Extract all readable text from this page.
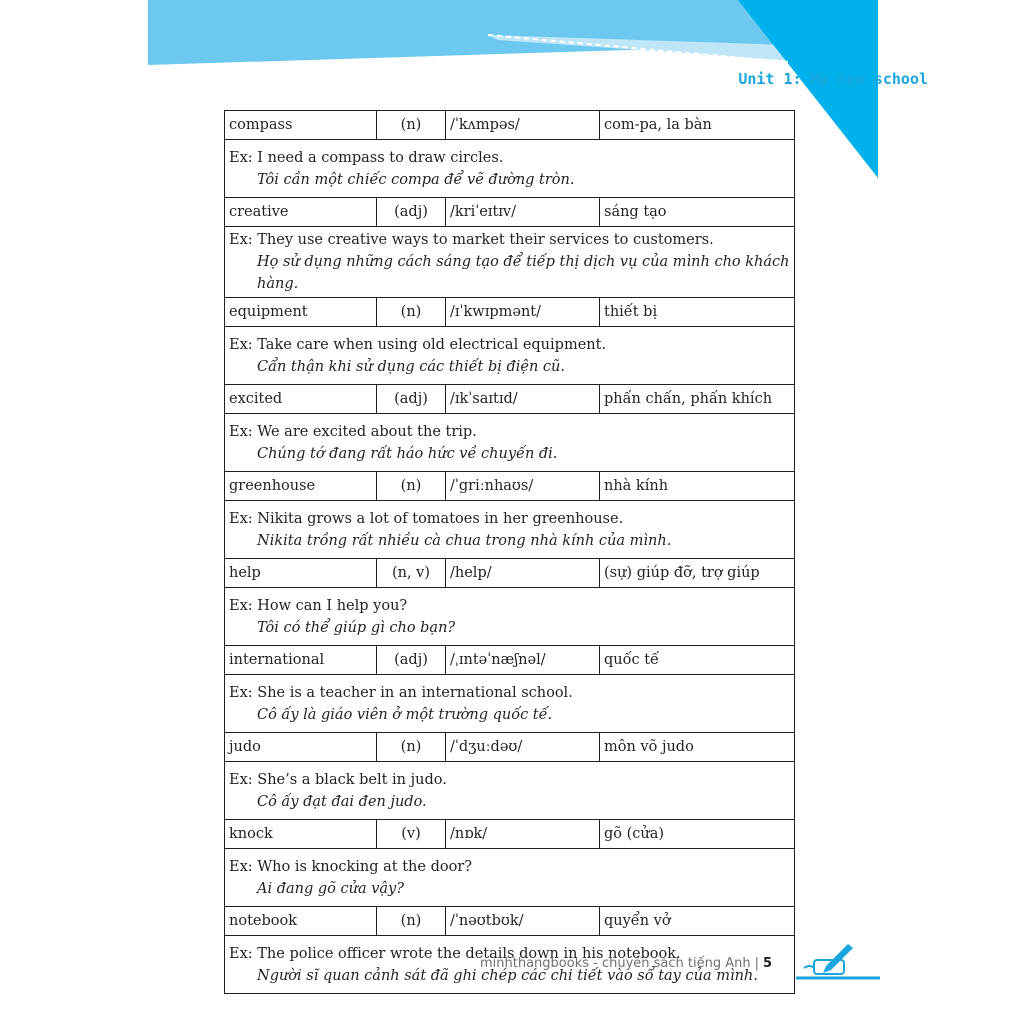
Unit 1: My new school
compass	(n)	/ˈkʌmpəs/	com-pa, la bàn

Ex: I need a compass to draw circles.
Tôi cần một chiếc compa để vẽ đường tròn.			

creative	(adj)	/kriˈeɪtɪv/	sáng tạo

Ex: They use creative ways to market their services to customers.
Họ sử dụng những cách sáng tạo để tiếp thị dịch vụ của mình cho khách hàng.			

equipment	(n)	/ɪˈkwɪpmənt/	thiết bị

Ex: Take care when using old electrical equipment.
Cẩn thận khi sử dụng các thiết bị điện cũ.			

excited	(adj)	/ɪkˈsaɪtɪd/	phấn chấn, phấn khích

Ex: We are excited about the trip.
Chúng tớ đang rất háo hức về chuyến đi.			

greenhouse	(n)	/ˈgriːnhaʊs/	nhà kính

Ex: Nikita grows a lot of tomatoes in her greenhouse.
Nikita trồng rất nhiều cà chua trong nhà kính của mình.			

help	(n, v)	/help/	(sự) giúp đỡ, trợ giúp

Ex: How can I help you?
Tôi có thể giúp gì cho bạn?			

international	(adj)	/ˌɪntəˈnæʃnəl/	quốc tế

Ex: She is a teacher in an international school.
Cô ấy là giáo viên ở một trường quốc tế.			

judo	(n)	/ˈdʒuːdəʊ/	môn võ judo

Ex: She’s a black belt in judo.
Cô ấy đạt đai đen judo.			

knock	(v)	/nɒk/	gõ (cửa)

Ex: Who is knocking at the door?
Ai đang gõ cửa vậy?			

notebook	(n)	/ˈnəʊtbʊk/	quyển vở

Ex: The police officer wrote the details down in his notebook.
Người sĩ quan cảnh sát đã ghi chép các chi tiết vào sổ tay của mình.			
minhthangbooks - chuyên sách tiếng Anh | 5
